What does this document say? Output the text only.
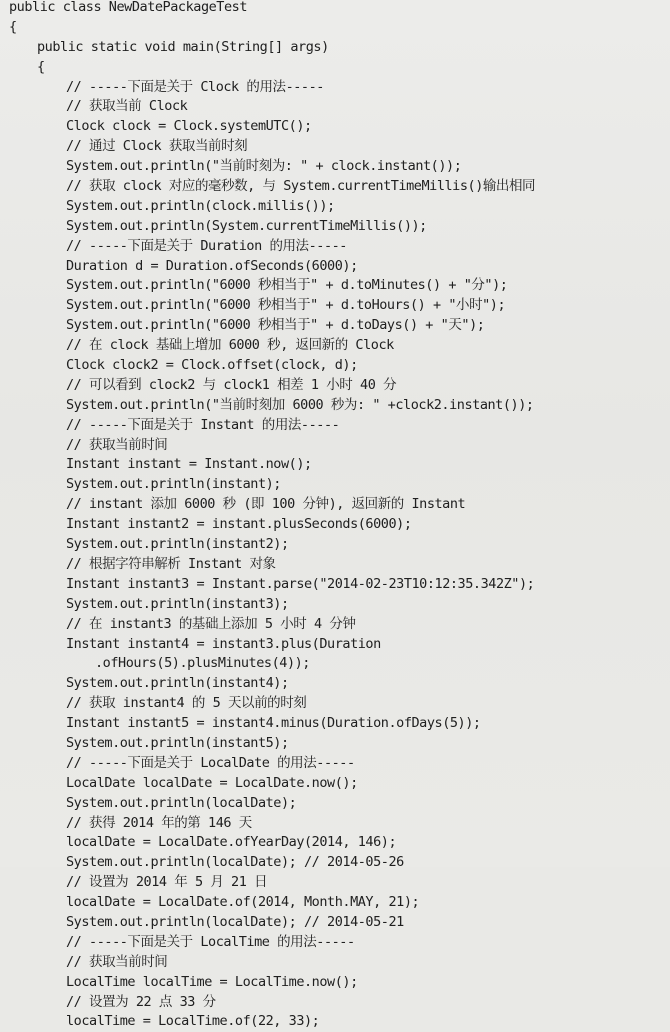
public class NewDatePackageTest
{
public static void main(String[] args)
{
// -----下面是关于 Clock 的用法-----
// 获取当前 Clock
Clock clock = Clock.systemUTC();
// 通过 Clock 获取当前时刻
System.out.println("当前时刻为: " + clock.instant());
// 获取 clock 对应的毫秒数, 与 System.currentTimeMillis()输出相同
System.out.println(clock.millis());
System.out.println(System.currentTimeMillis());
// -----下面是关于 Duration 的用法-----
Duration d = Duration.ofSeconds(6000);
System.out.println("6000 秒相当于" + d.toMinutes() + "分");
System.out.println("6000 秒相当于" + d.toHours() + "小时");
System.out.println("6000 秒相当于" + d.toDays() + "天");
// 在 clock 基础上增加 6000 秒, 返回新的 Clock
Clock clock2 = Clock.offset(clock, d);
// 可以看到 clock2 与 clock1 相差 1 小时 40 分
System.out.println("当前时刻加 6000 秒为: " +clock2.instant());
// -----下面是关于 Instant 的用法-----
// 获取当前时间
Instant instant = Instant.now();
System.out.println(instant);
// instant 添加 6000 秒 (即 100 分钟), 返回新的 Instant
Instant instant2 = instant.plusSeconds(6000);
System.out.println(instant2);
// 根据字符串解析 Instant 对象
Instant instant3 = Instant.parse("2014-02-23T10:12:35.342Z");
System.out.println(instant3);
// 在 instant3 的基础上添加 5 小时 4 分钟
Instant instant4 = instant3.plus(Duration
.ofHours(5).plusMinutes(4));
System.out.println(instant4);
// 获取 instant4 的 5 天以前的时刻
Instant instant5 = instant4.minus(Duration.ofDays(5));
System.out.println(instant5);
// -----下面是关于 LocalDate 的用法-----
LocalDate localDate = LocalDate.now();
System.out.println(localDate);
// 获得 2014 年的第 146 天
localDate = LocalDate.ofYearDay(2014, 146);
System.out.println(localDate); // 2014-05-26
// 设置为 2014 年 5 月 21 日
localDate = LocalDate.of(2014, Month.MAY, 21);
System.out.println(localDate); // 2014-05-21
// -----下面是关于 LocalTime 的用法-----
// 获取当前时间
LocalTime localTime = LocalTime.now();
// 设置为 22 点 33 分
localTime = LocalTime.of(22, 33);
